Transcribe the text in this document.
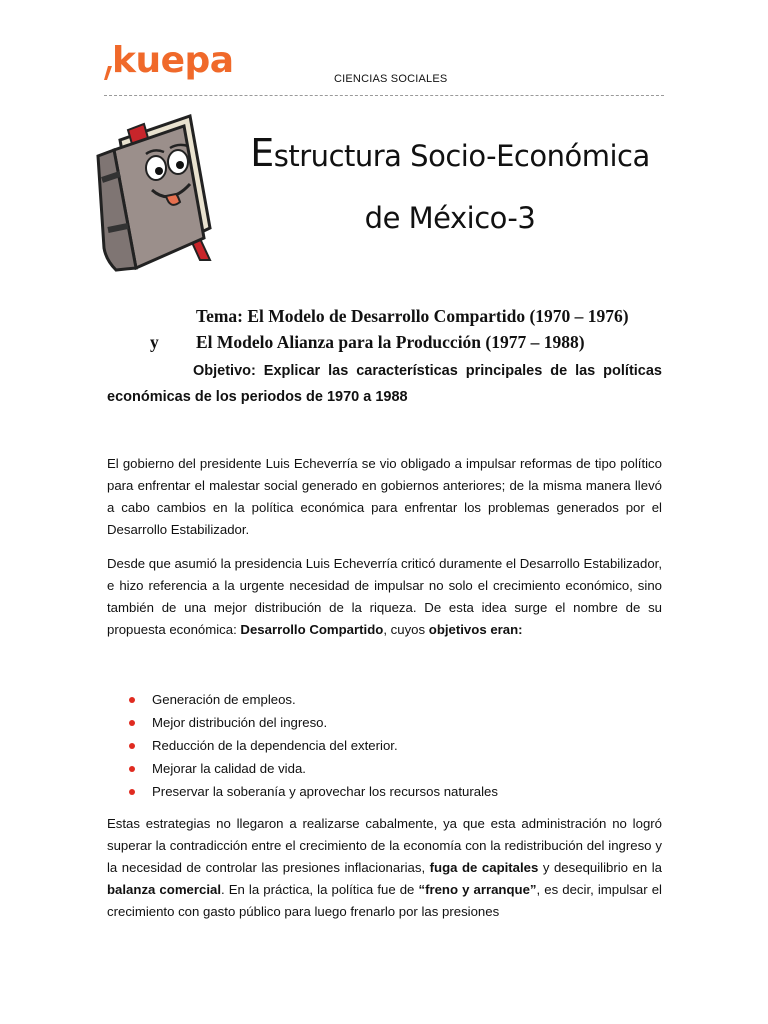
kuepa	CIENCIAS SOCIALES
Estructura Socio-Económica
de México-3
Tema: El Modelo de Desarrollo Compartido (1970 – 1976)
y El Modelo Alianza para la Producción (1977 – 1988)
Objetivo: Explicar las características principales de las políticas económicas de los periodos de 1970 a 1988
El gobierno del presidente Luis Echeverría se vio obligado a impulsar reformas de tipo político para enfrentar el malestar social generado en gobiernos anteriores; de la misma manera llevó a cabo cambios en la política económica para enfrentar los problemas generados por el Desarrollo Estabilizador.
Desde que asumió la presidencia Luis Echeverría criticó duramente el Desarrollo Estabilizador, e hizo referencia a la urgente necesidad de impulsar no solo el crecimiento económico, sino también de una mejor distribución de la riqueza. De esta idea surge el nombre de su propuesta económica: Desarrollo Compartido, cuyos objetivos eran:
Generación de empleos.
Mejor distribución del ingreso.
Reducción de la dependencia del exterior.
Mejorar la calidad de vida.
Preservar la soberanía y aprovechar los recursos naturales
Estas estrategias no llegaron a realizarse cabalmente, ya que esta administración no logró superar la contradicción entre el crecimiento de la economía con la redistribución del ingreso y la necesidad de controlar las presiones inflacionarias, fuga de capitales y desequilibrio en la balanza comercial. En la práctica, la política fue de “freno y arranque”, es decir, impulsar el crecimiento con gasto público para luego frenarlo por las presiones
